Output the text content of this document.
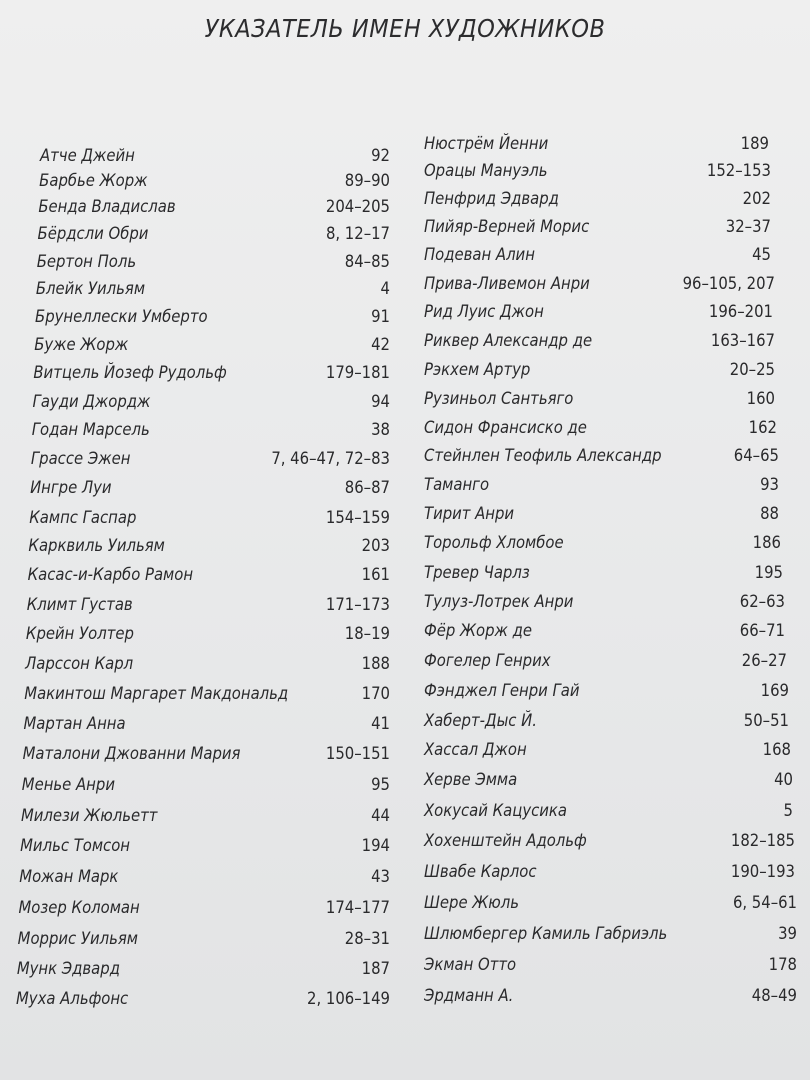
УКАЗАТЕЛЬ ИМЕН ХУДОЖНИКОВ
Атче Джейн	92
Барбье Жорж	89–90
Бенда Владислав	204–205
Бёрдсли Обри	8, 12–17
Бертон Поль	84–85
Блейк Уильям	4
Брунеллески Умберто	91
Буже Жорж	42
Витцель Йозеф Рудольф	179–181
Гауди Джордж	94
Годан Марсель	38
Грассе Эжен	7, 46–47, 72–83
Ингре Луи	86–87
Кампс Гаспар	154–159
Карквиль Уильям	203
Касас-и-Карбо Рамон	161
Климт Густав	171–173
Крейн Уолтер	18–19
Ларссон Карл	188
Макинтош Маргарет Макдональд	170
Мартан Анна	41
Маталони Джованни Мария	150–151
Менье Анри	95
Милези Жюльетт	44
Мильс Томсон	194
Можан Марк	43
Мозер Коломан	174–177
Моррис Уильям	28–31
Мунк Эдвард	187
Муха Альфонс	2, 106–149
Нюстрём Йенни	189
Орацы Мануэль	152–153
Пенфрид Эдвард	202
Пийяр-Верней Морис	32–37
Подеван Алин	45
Прива-Ливемон Анри	96–105, 207
Рид Луис Джон	196–201
Риквер Александр де	163–167
Рэкхем Артур	20–25
Рузиньол Сантьяго	160
Сидон Франсиско де	162
Стейнлен Теофиль Александр	64–65
Таманго	93
Тирит Анри	88
Торольф Хломбое	186
Тревер Чарлз	195
Тулуз-Лотрек Анри	62–63
Фёр Жорж де	66–71
Фогелер Генрих	26–27
Фэнджел Генри Гай	169
Хаберт-Дыс Й.	50–51
Хассал Джон	168
Херве Эмма	40
Хокусай Кацусика	5
Хохенштейн Адольф	182–185
Швабе Карлос	190–193
Шере Жюль	6, 54–61
Шлюмбергер Камиль Габриэль	39
Экман Отто	178
Эрдманн А.	48–49
